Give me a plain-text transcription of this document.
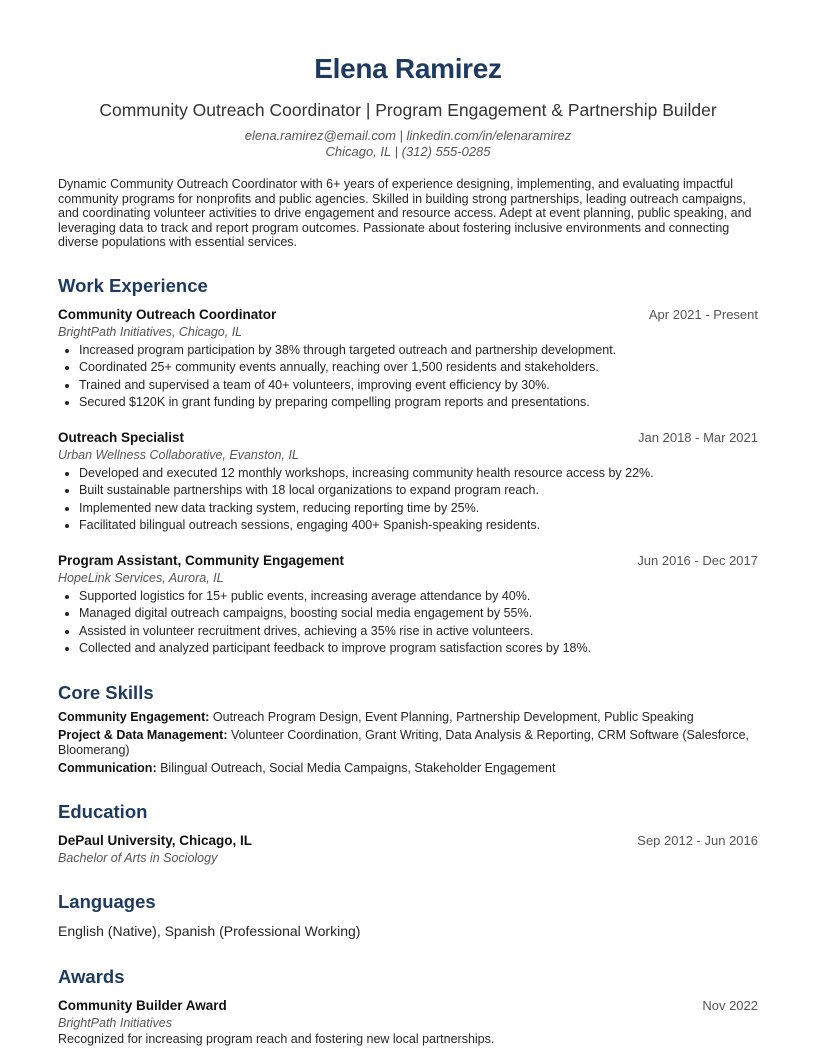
Elena Ramirez
Community Outreach Coordinator | Program Engagement & Partnership Builder
elena.ramirez@email.com | linkedin.com/in/elenaramirez
Chicago, IL | (312) 555-0285
Dynamic Community Outreach Coordinator with 6+ years of experience designing, implementing, and evaluating impactful community programs for nonprofits and public agencies. Skilled in building strong partnerships, leading outreach campaigns, and coordinating volunteer activities to drive engagement and resource access. Adept at event planning, public speaking, and leveraging data to track and report program outcomes. Passionate about fostering inclusive environments and connecting diverse populations with essential services.
Work Experience
Community Outreach Coordinator	Apr 2021 - Present
BrightPath Initiatives, Chicago, IL
• Increased program participation by 38% through targeted outreach and partnership development.
• Coordinated 25+ community events annually, reaching over 1,500 residents and stakeholders.
• Trained and supervised a team of 40+ volunteers, improving event efficiency by 30%.
• Secured $120K in grant funding by preparing compelling program reports and presentations.
Outreach Specialist	Jan 2018 - Mar 2021
Urban Wellness Collaborative, Evanston, IL
• Developed and executed 12 monthly workshops, increasing community health resource access by 22%.
• Built sustainable partnerships with 18 local organizations to expand program reach.
• Implemented new data tracking system, reducing reporting time by 25%.
• Facilitated bilingual outreach sessions, engaging 400+ Spanish-speaking residents.
Program Assistant, Community Engagement	Jun 2016 - Dec 2017
HopeLink Services, Aurora, IL
• Supported logistics for 15+ public events, increasing average attendance by 40%.
• Managed digital outreach campaigns, boosting social media engagement by 55%.
• Assisted in volunteer recruitment drives, achieving a 35% rise in active volunteers.
• Collected and analyzed participant feedback to improve program satisfaction scores by 18%.
Core Skills
Community Engagement: Outreach Program Design, Event Planning, Partnership Development, Public Speaking
Project & Data Management: Volunteer Coordination, Grant Writing, Data Analysis & Reporting, CRM Software (Salesforce, Bloomerang)
Communication: Bilingual Outreach, Social Media Campaigns, Stakeholder Engagement
Education
DePaul University, Chicago, IL	Sep 2012 - Jun 2016
Bachelor of Arts in Sociology
Languages
English (Native), Spanish (Professional Working)
Awards
Community Builder Award	Nov 2022
BrightPath Initiatives
Recognized for increasing program reach and fostering new local partnerships.
